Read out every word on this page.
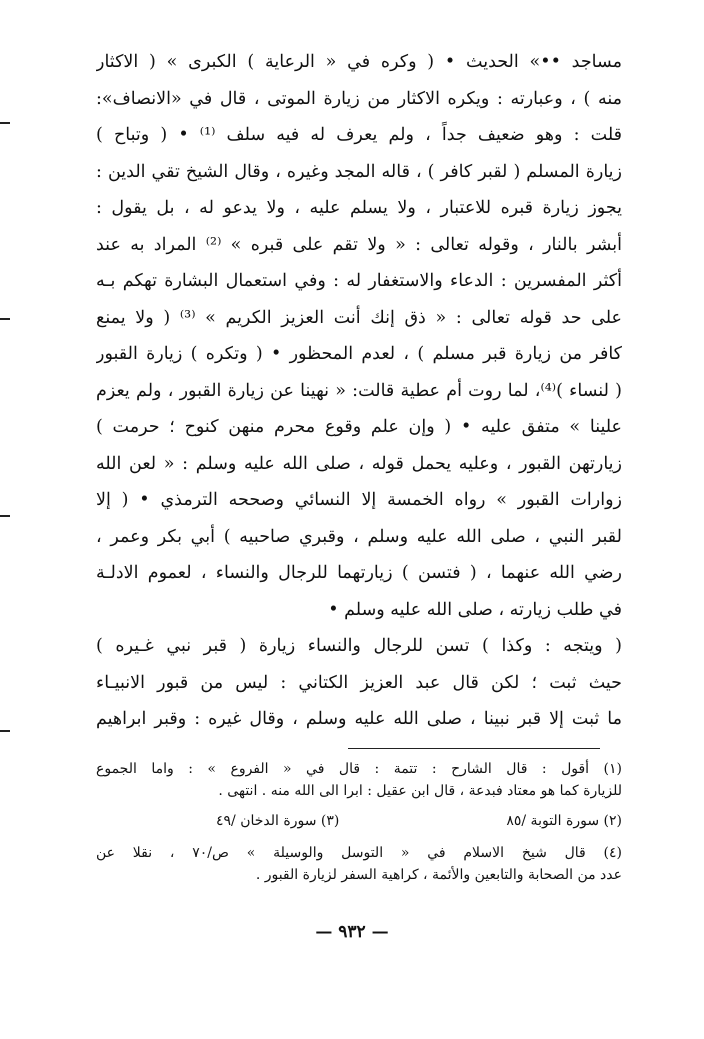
مساجد ••» الحديث • ( وكره في « الرعاية ) الكبرى » ( الاكثار
منه ) ، وعبارته : ويكره الاكثار من زيارة الموتى ، قال في «الانصاف»:
قلت : وهو ضعيف جداً ، ولم يعرف له فيه سلف ⁽¹⁾ • ( وتباح )
زيارة المسلم ( لقبر كافر ) ، قاله المجد وغيره ، وقال الشيخ تقي الدين :
يجوز زيارة قبره للاعتبار ، ولا يسلم عليه ، ولا يدعو له ، بل يقول :
أبشر بالنار ، وقوله تعالى : « ولا تقم على قبره » ⁽²⁾ المراد به عند
أكثر المفسرين : الدعاء والاستغفار له : وفي استعمال البشارة تهكم بـه
على حد قوله تعالى : « ذق إنك أنت العزيز الكريم » ⁽³⁾ ( ولا يمنع
كافر من زيارة قبر مسلم ) ، لعدم المحظور • ( وتكره ) زيارة القبور
( لنساء )⁽⁴⁾، لما روت أم عطية قالت: « نهينا عن زيارة القبور ، ولم يعزم
علينا » متفق عليه • ( وإن علم وقوع محرم منهن كنوح ؛ حرمت )
زيارتهن القبور ، وعليه يحمل قوله ، صلى الله عليه وسلم : « لعن الله
زوارات القبور » رواه الخمسة إلا النسائي وصححه الترمذي • ( إلا
لقبر النبي ، صلى الله عليه وسلم ، وقبري صاحبيه ) أبي بكر وعمر ،
رضي الله عنهما ، ( فتسن ) زيارتهما للرجال والنساء ، لعموم الادلـة
في طلب زيارته ، صلى الله عليه وسلم •
( ويتجه : وكذا ) تسن للرجال والنساء زيارة ( قبر نبي غـيره )
حيث ثبت ؛ لكن قال عبد العزيز الكتاني : ليس من قبور الانبيـاء
ما ثبت إلا قبر نبينا ، صلى الله عليه وسلم ، وقال غيره : وقبر ابراهيم
(١) أقول : قال الشارح : تتمة : قال في « الفروع » : واما الجموع
للزيارة كما هو معتاد فبدعة ، قال ابن عقيل : ابرا الى الله منه . انتهى .
(٢) سورة التوبة /٨٥
(٣) سورة الدخان /٤٩
(٤) قال شيخ الاسلام في « التوسل والوسيلة » ص/٧٠ ، نقلا عن
عدد من الصحابة والتابعين والأئمة ، كراهية السفر لزيارة القبور .
— ٩٣٢ —
